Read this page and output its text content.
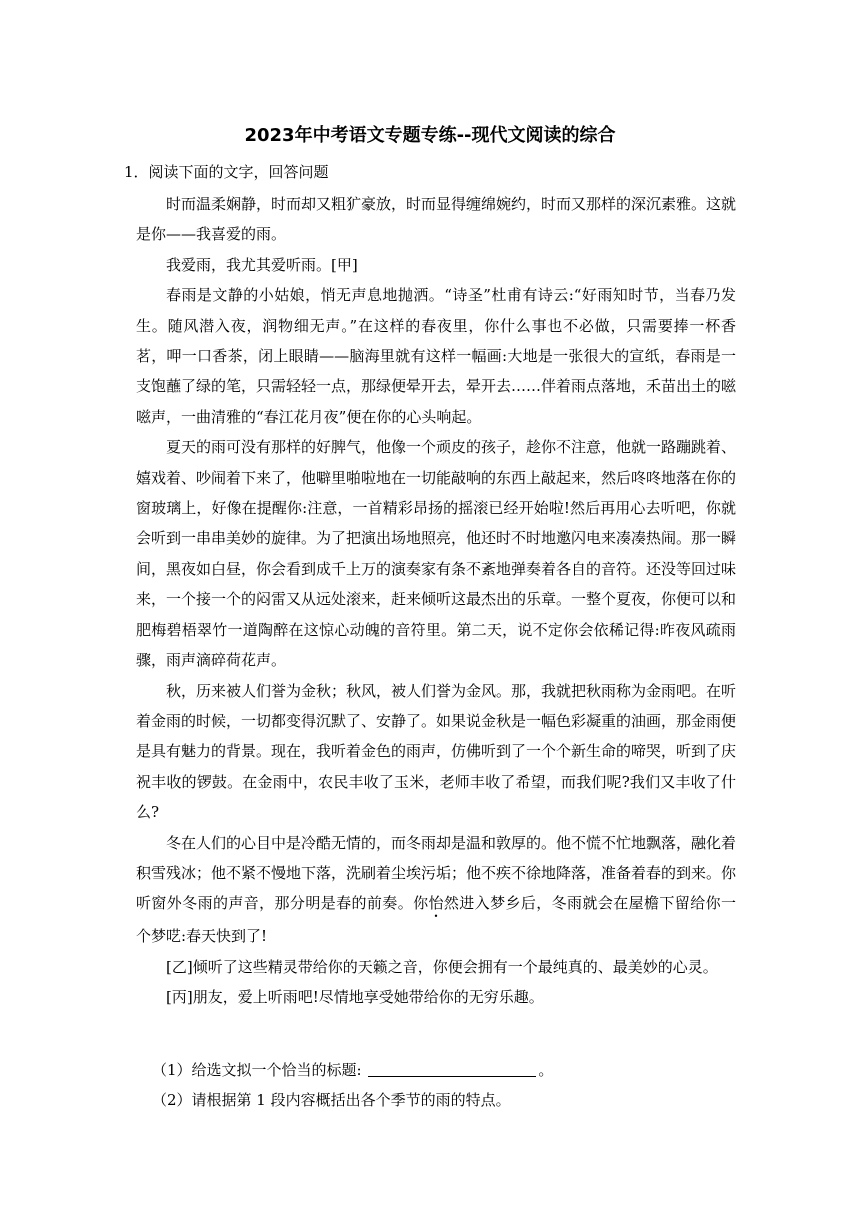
2023年中考语文专题专练--现代文阅读的综合
1．阅读下面的文字，回答问题

时而温柔娴静，时而却又粗犷豪放，时而显得缠绵婉约，时而又那样的深沉素雅。这就是你——我喜爱的雨。

我爱雨，我尤其爱听雨。[甲]

春雨是文静的小姑娘，悄无声息地抛洒。“诗圣”杜甫有诗云:“好雨知时节，当春乃发生。随风潜入夜，润物细无声。”在这样的春夜里，你什么事也不必做，只需要捧一杯香茗，呷一口香茶，闭上眼睛——脑海里就有这样一幅画:大地是一张很大的宣纸，春雨是一支饱蘸了绿的笔，只需轻轻一点，那绿便晕开去，晕开去……伴着雨点落地，禾苗出土的嗞嗞声，一曲清雅的“春江花月夜”便在你的心头响起。

夏天的雨可没有那样的好脾气，他像一个顽皮的孩子，趁你不注意，他就一路蹦跳着、嬉戏着、吵闹着下来了，他噼里啪啦地在一切能敲响的东西上敲起来，然后咚咚地落在你的窗玻璃上，好像在提醒你:注意，一首精彩昂扬的摇滚已经开始啦!然后再用心去听吧，你就会听到一串串美妙的旋律。为了把演出场地照亮，他还时不时地邀闪电来凑凑热闹。那一瞬间，黑夜如白昼，你会看到成千上万的演奏家有条不紊地弹奏着各自的音符。还没等回过味来，一个接一个的闷雷又从远处滚来，赶来倾听这最杰出的乐章。一整个夏夜，你便可以和肥梅碧梧翠竹一道陶醉在这惊心动魄的音符里。第二天，说不定你会依稀记得:昨夜风疏雨骤，雨声滴碎荷花声。

秋，历来被人们誉为金秋；秋风，被人们誉为金风。那，我就把秋雨称为金雨吧。在听着金雨的时候，一切都变得沉默了、安静了。如果说金秋是一幅色彩凝重的油画，那金雨便是具有魅力的背景。现在，我听着金色的雨声，仿佛听到了一个个新生命的啼哭，听到了庆祝丰收的锣鼓。在金雨中，农民丰收了玉米，老师丰收了希望，而我们呢?我们又丰收了什么?

冬在人们的心目中是冷酷无情的，而冬雨却是温和敦厚的。他不慌不忙地飘落，融化着积雪残冰；他不紧不慢地下落，洗刷着尘埃污垢；他不疾不徐地降落，准备着春的到来。你听窗外冬雨的声音，那分明是春的前奏。你怡然进入梦乡后，冬雨就会在屋檐下留给你一个梦呓:春天快到了!

[乙]倾听了这些精灵带给你的天籁之音，你便会拥有一个最纯真的、最美妙的心灵。

[丙]朋友，爱上听雨吧!尽情地享受她带给你的无穷乐趣。

（1）给选文拟一个恰当的标题:	。
（2）请根据第 1 段内容概括出各个季节的雨的特点。
